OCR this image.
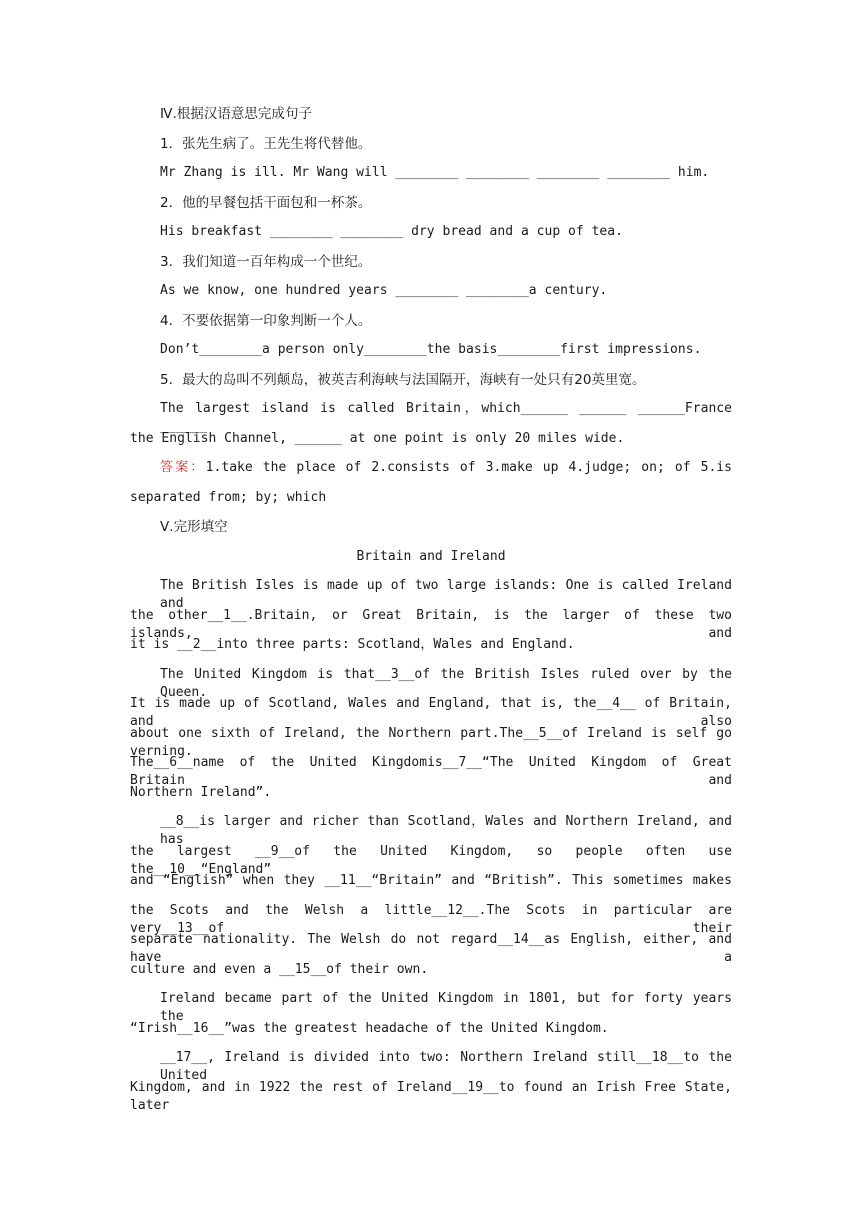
Ⅳ.根据汉语意思完成句子
1．张先生病了。王先生将代替他。
Mr Zhang is ill. Mr Wang will ________ ________ ________ ________ him.
2．他的早餐包括干面包和一杯茶。
His breakfast ________ ________ dry bread and a cup of tea.
3．我们知道一百年构成一个世纪。
As we know, one hundred years ________ ________a century.
4．不要依据第一印象判断一个人。
Don’t________a person only________the basis________first impressions.
5．最大的岛叫不列颠岛，被英吉利海峡与法国隔开，海峡有一处只有20英里宽。
The largest island is called Britain，which______ ______ ______France ______
the English Channel, ______ at one point is only 20 miles wide.
答案：1.take the place of 2.consists of 3.make up 4.judge; on; of 5.is
separated from; by; which
Ⅴ.完形填空
Britain and Ireland
The British Isles is made up of two large islands: One is called Ireland and
the other__1__.Britain, or Great Britain, is the larger of these two islands, and
it is __2__into three parts: Scotland，Wales and England.
The United Kingdom is that__3__of the British Isles ruled over by the Queen.
It is made up of Scotland, Wales and England, that is, the__4__ of Britain, and also
about one sixth of Ireland, the Northern part.The__5__of Ireland is self go verning.
The__6__name of the United Kingdomis__7__“The United Kingdom of Great Britain and
Northern Ireland”.
__8__is larger and richer than Scotland，Wales and Northern Ireland, and has
the largest __9__of the United Kingdom, so people often use the__10__“England”
and “English” when they __11__“Britain” and “British”. This sometimes makes
the Scots and the Welsh a little__12__.The Scots in particular are very__13__of their
separate nationality. The Welsh do not regard__14__as English, either, and have a
culture and even a __15__of their own.
Ireland became part of the United Kingdom in 1801, but for forty years the
“Irish__16__”was the greatest headache of the United Kingdom.
__17__, Ireland is divided into two: Northern Ireland still__18__to the United
Kingdom, and in 1922 the rest of Ireland__19__to found an Irish Free State, later
